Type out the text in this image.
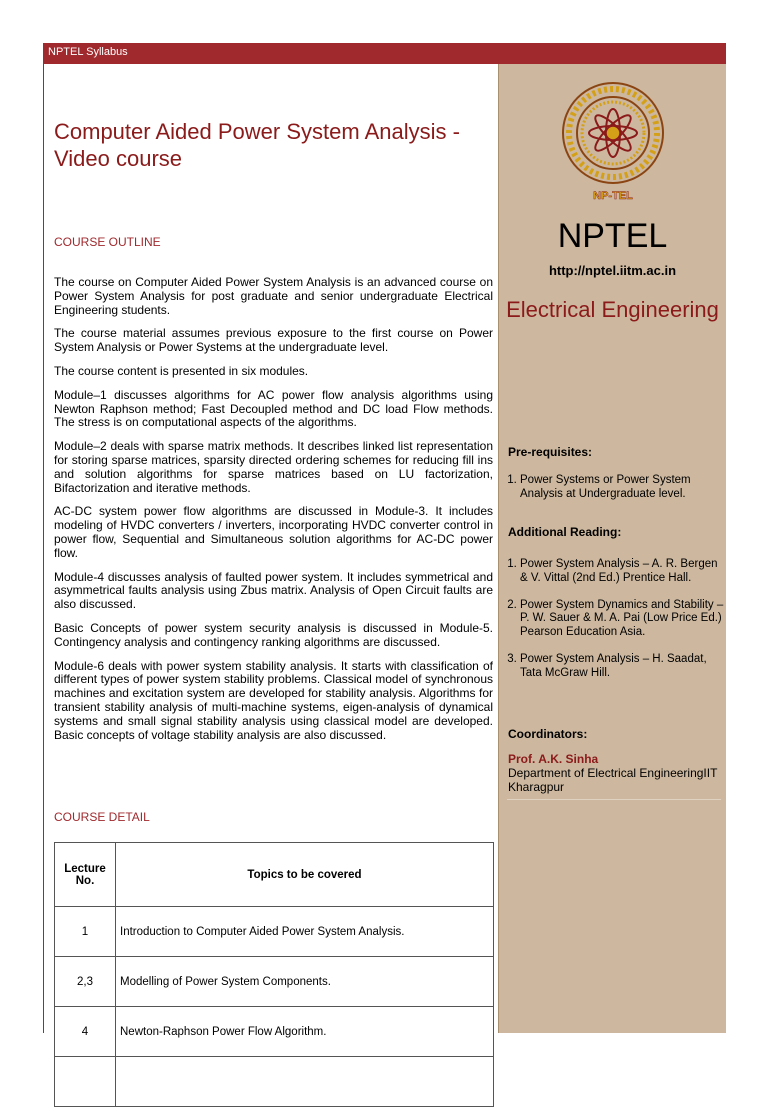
NPTEL Syllabus
Computer Aided Power System Analysis - Video course
COURSE OUTLINE

The course on Computer Aided Power System Analysis is an advanced course on Power System Analysis for post graduate and senior undergraduate Electrical Engineering students.

The course material assumes previous exposure to the first course on Power System Analysis or Power Systems at the undergraduate level.

The course content is presented in six modules.

Module–1 discusses algorithms for AC power flow analysis algorithms using Newton Raphson method; Fast Decoupled method and DC load Flow methods. The stress is on computational aspects of the algorithms.

Module–2 deals with sparse matrix methods. It describes linked list representation for storing sparse matrices, sparsity directed ordering schemes for reducing fill ins and solution algorithms for sparse matrices based on LU factorization, Bifactorization and iterative methods.

AC-DC system power flow algorithms are discussed in Module-3. It includes modeling of HVDC converters / inverters, incorporating HVDC converter control in power flow, Sequential and Simultaneous solution algorithms for AC-DC power flow.

Module-4 discusses analysis of faulted power system. It includes symmetrical and asymmetrical faults analysis using Zbus matrix. Analysis of Open Circuit faults are also discussed.

Basic Concepts of power system security analysis is discussed in Module-5. Contingency analysis and contingency ranking algorithms are discussed.

Module-6 deals with power system stability analysis. It starts with classification of different types of power system stability problems. Classical model of synchronous machines and excitation system are developed for stability analysis. Algorithms for transient stability analysis of multi-machine systems, eigen-analysis of dynamical systems and small signal stability analysis using classical model are developed. Basic concepts of voltage stability analysis are also discussed.

COURSE DETAIL
Lecture No.	Topics to be covered
1	Introduction to Computer Aided Power System Analysis.
2,3	Modelling of Power System Components.
4	Newton-Raphson Power Flow Algorithm.

NP-TEL
NPTEL
http://nptel.iitm.ac.in
Electrical Engineering
Pre-requisites:
1. Power Systems or Power System Analysis at Undergraduate level.
Additional Reading:
1. Power System Analysis – A. R. Bergen & V. Vittal (2nd Ed.) Prentice Hall.
2. Power System Dynamics and Stability – P. W. Sauer & M. A. Pai (Low Price Ed.) Pearson Education Asia.
3. Power System Analysis – H. Saadat, Tata McGraw Hill.
Coordinators:
Prof. A.K. Sinha
Department of Electrical EngineeringIIT Kharagpur
